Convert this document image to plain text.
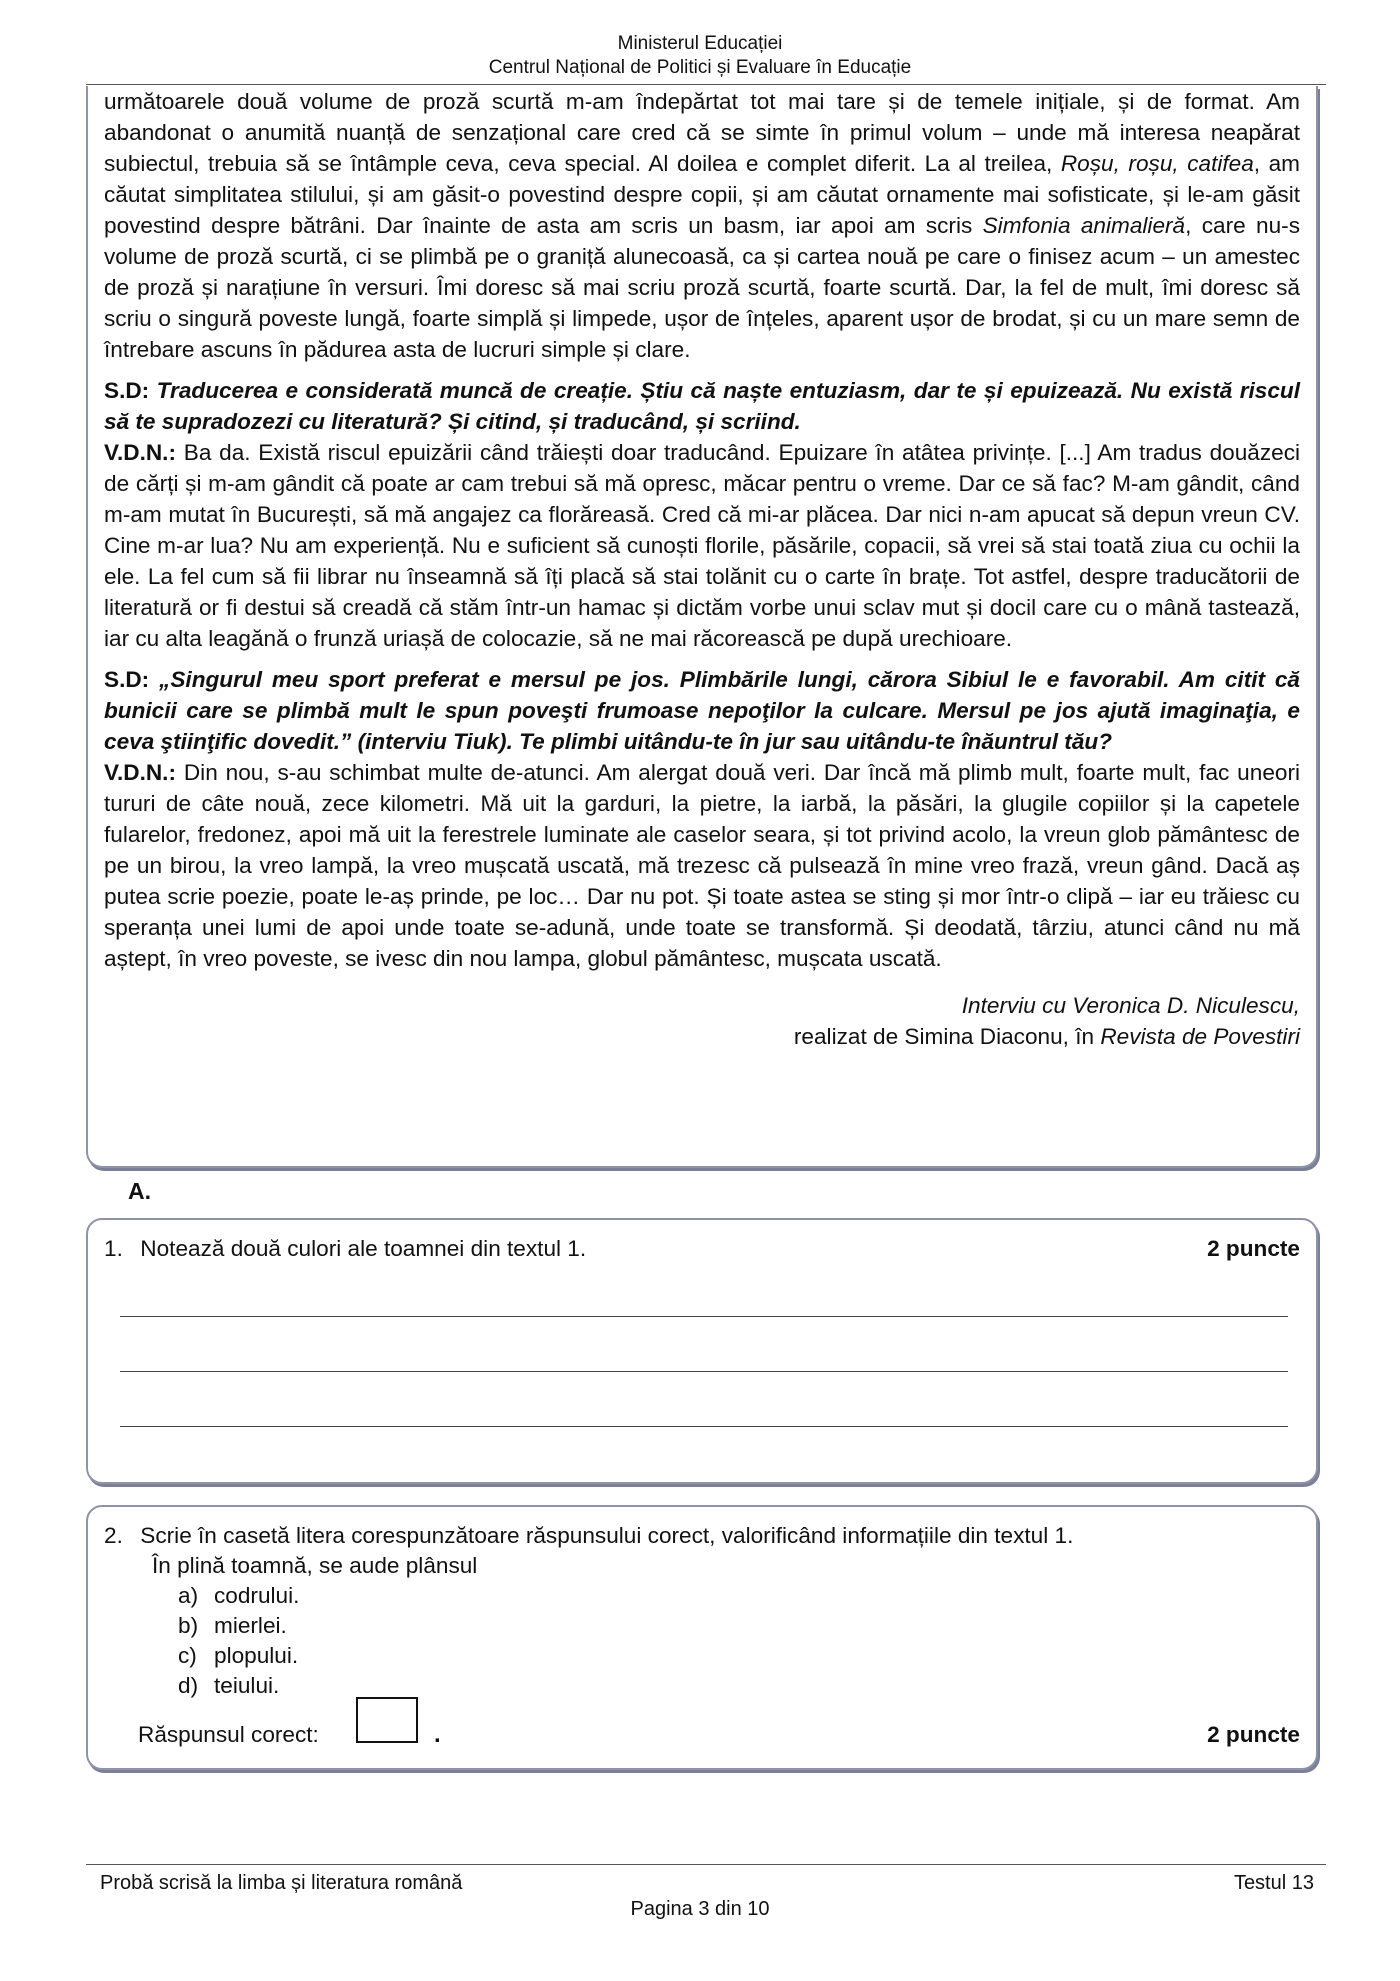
Ministerul Educației
Centrul Național de Politici și Evaluare în Educație

următoarele două volume de proză scurtă m-am îndepărtat tot mai tare și de temele inițiale, și de format. Am abandonat o anumită nuanță de senzațional care cred că se simte în primul volum – unde mă interesa neapărat subiectul, trebuia să se întâmple ceva, ceva special. Al doilea e complet diferit. La al treilea, Roșu, roșu, catifea, am căutat simplitatea stilului, și am găsit-o povestind despre copii, și am căutat ornamente mai sofisticate, și le-am găsit povestind despre bătrâni. Dar înainte de asta am scris un basm, iar apoi am scris Simfonia animalieră, care nu-s volume de proză scurtă, ci se plimbă pe o graniță alunecoasă, ca și cartea nouă pe care o finisez acum – un amestec de proză și narațiune în versuri. Îmi doresc să mai scriu proză scurtă, foarte scurtă. Dar, la fel de mult, îmi doresc să scriu o singură poveste lungă, foarte simplă și limpede, ușor de înțeles, aparent ușor de brodat, și cu un mare semn de întrebare ascuns în pădurea asta de lucruri simple și clare.

S.D: Traducerea e considerată muncă de creație. Știu că naște entuziasm, dar te și epuizează. Nu există riscul să te supradozezi cu literatură? Și citind, și traducând, și scriind.

V.D.N.: Ba da. Există riscul epuizării când trăiești doar traducând. Epuizare în atâtea privințe. [...] Am tradus douăzeci de cărți și m-am gândit că poate ar cam trebui să mă opresc, măcar pentru o vreme. Dar ce să fac? M-am gândit, când m-am mutat în București, să mă angajez ca florăreasă. Cred că mi-ar plăcea. Dar nici n-am apucat să depun vreun CV. Cine m-ar lua? Nu am experiență. Nu e suficient să cunoști florile, păsările, copacii, să vrei să stai toată ziua cu ochii la ele. La fel cum să fii librar nu înseamnă să îți placă să stai tolănit cu o carte în brațe. Tot astfel, despre traducătorii de literatură or fi destui să creadă că stăm într-un hamac și dictăm vorbe unui sclav mut și docil care cu o mână tastează, iar cu alta leagănă o frunză uriașă de colocazie, să ne mai răcorească pe după urechioare.

S.D: „Singurul meu sport preferat e mersul pe jos. Plimbările lungi, cărora Sibiul le e favorabil. Am citit că bunicii care se plimbă mult le spun poveşti frumoase nepoţilor la culcare. Mersul pe jos ajută imaginaţia, e ceva ştiinţific dovedit.” (interviu Tiuk). Te plimbi uitându-te în jur sau uitându-te înăuntrul tău?

V.D.N.: Din nou, s-au schimbat multe de-atunci. Am alergat două veri. Dar încă mă plimb mult, foarte mult, fac uneori tururi de câte nouă, zece kilometri. Mă uit la garduri, la pietre, la iarbă, la păsări, la glugile copiilor și la capetele fularelor, fredonez, apoi mă uit la ferestrele luminate ale caselor seara, și tot privind acolo, la vreun glob pământesc de pe un birou, la vreo lampă, la vreo mușcată uscată, mă trezesc că pulsează în mine vreo frază, vreun gând. Dacă aș putea scrie poezie, poate le-aș prinde, pe loc… Dar nu pot. Și toate astea se sting și mor într-o clipă – iar eu trăiesc cu speranța unei lumi de apoi unde toate se-adună, unde toate se transformă. Și deodată, târziu, atunci când nu mă aștept, în vreo poveste, se ivesc din nou lampa, globul pământesc, mușcata uscată.

Interviu cu Veronica D. Niculescu,
realizat de Simina Diaconu, în Revista de Povestiri
A.
1. Notează două culori ale toamnei din textul 1.	2 puncte
2. Scrie în casetă litera corespunzătoare răspunsului corect, valorificând informațiile din textul 1.
În plină toamnă, se aude plânsul
a) codrului.
b) mierlei.
c) plopului.
d) teiului.
Răspunsul corect:	.	2 puncte
Probă scrisă la limba și literatura română	Testul 13
Pagina 3 din 10
